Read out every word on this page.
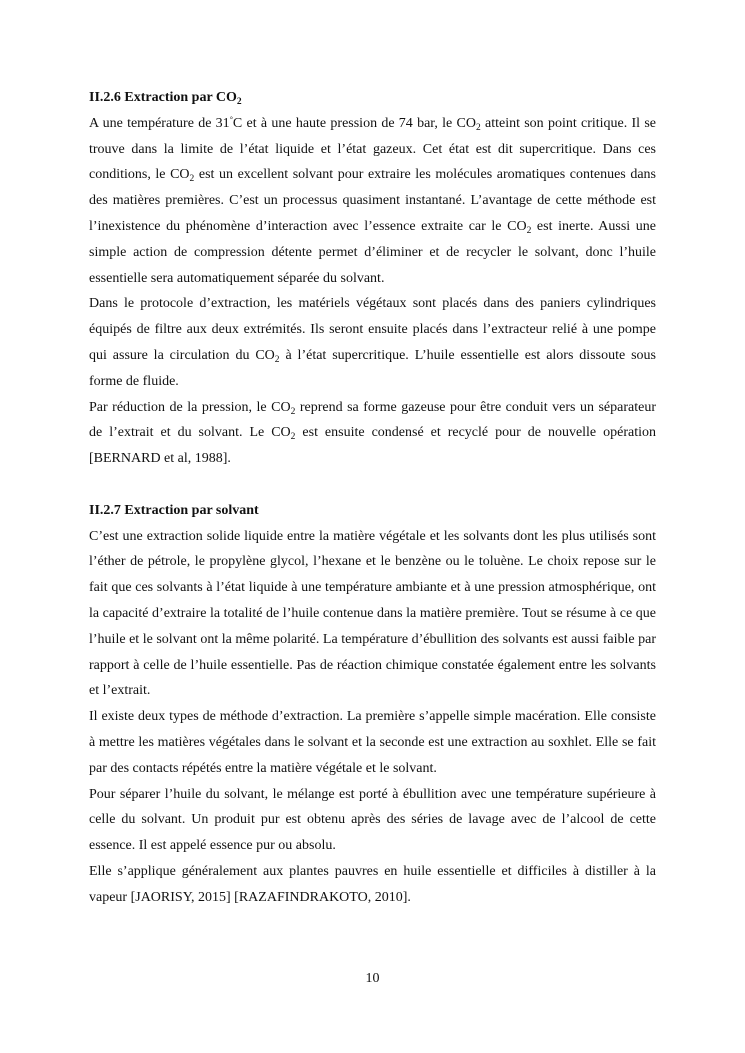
II.2.6 Extraction par $CO_2$

A une température de 31°C et à une haute pression de 74 bar, le $CO_2$ atteint son point critique. Il se trouve dans la limite de l’état liquide et l’état gazeux. Cet état est dit supercritique. Dans ces conditions, le $CO_2$ est un excellent solvant pour extraire les molécules aromatiques contenues dans des matières premières. C’est un processus quasiment instantané. L’avantage de cette méthode est l’inexistence du phénomène d’interaction avec l’essence extraite car le $CO_2$ est inerte. Aussi une simple action de compression détente permet d’éliminer et de recycler le solvant, donc l’huile essentielle sera automatiquement séparée du solvant.

Dans le protocole d’extraction, les matériels végétaux sont placés dans des paniers cylindriques équipés de filtre aux deux extrémités. Ils seront ensuite placés dans l’extracteur relié à une pompe qui assure la circulation du $CO_2$ à l’état supercritique. L’huile essentielle est alors dissoute sous forme de fluide.

Par réduction de la pression, le $CO_2$ reprend sa forme gazeuse pour être conduit vers un séparateur de l’extrait et du solvant. Le $CO_2$ est ensuite condensé et recyclé pour de nouvelle opération [BERNARD et al, 1988].

II.2.7 Extraction par solvant

C’est une extraction solide liquide entre la matière végétale et les solvants dont les plus utilisés sont l’éther de pétrole, le propylène glycol, l’hexane et le benzène ou le toluène. Le choix repose sur le fait que ces solvants à l’état liquide à une température ambiante et à une pression atmosphérique, ont la capacité d’extraire la totalité de l’huile contenue dans la matière première. Tout se résume à ce que l’huile et le solvant ont la même polarité. La température d’ébullition des solvants est aussi faible par rapport à celle de l’huile essentielle. Pas de réaction chimique constatée également entre les solvants et l’extrait.

Il existe deux types de méthode d’extraction. La première s’appelle simple macération. Elle consiste à mettre les matières végétales dans le solvant et la seconde est une extraction au soxhlet. Elle se fait par des contacts répétés entre la matière végétale et le solvant.

Pour séparer l’huile du solvant, le mélange est porté à ébullition avec une température supérieure à celle du solvant. Un produit pur est obtenu après des séries de lavage avec de l’alcool de cette essence. Il est appelé essence pur ou absolu.

Elle s’applique généralement aux plantes pauvres en huile essentielle et difficiles à distiller à la vapeur [JAORISY, 2015] [RAZAFINDRAKOTO, 2010].

10
